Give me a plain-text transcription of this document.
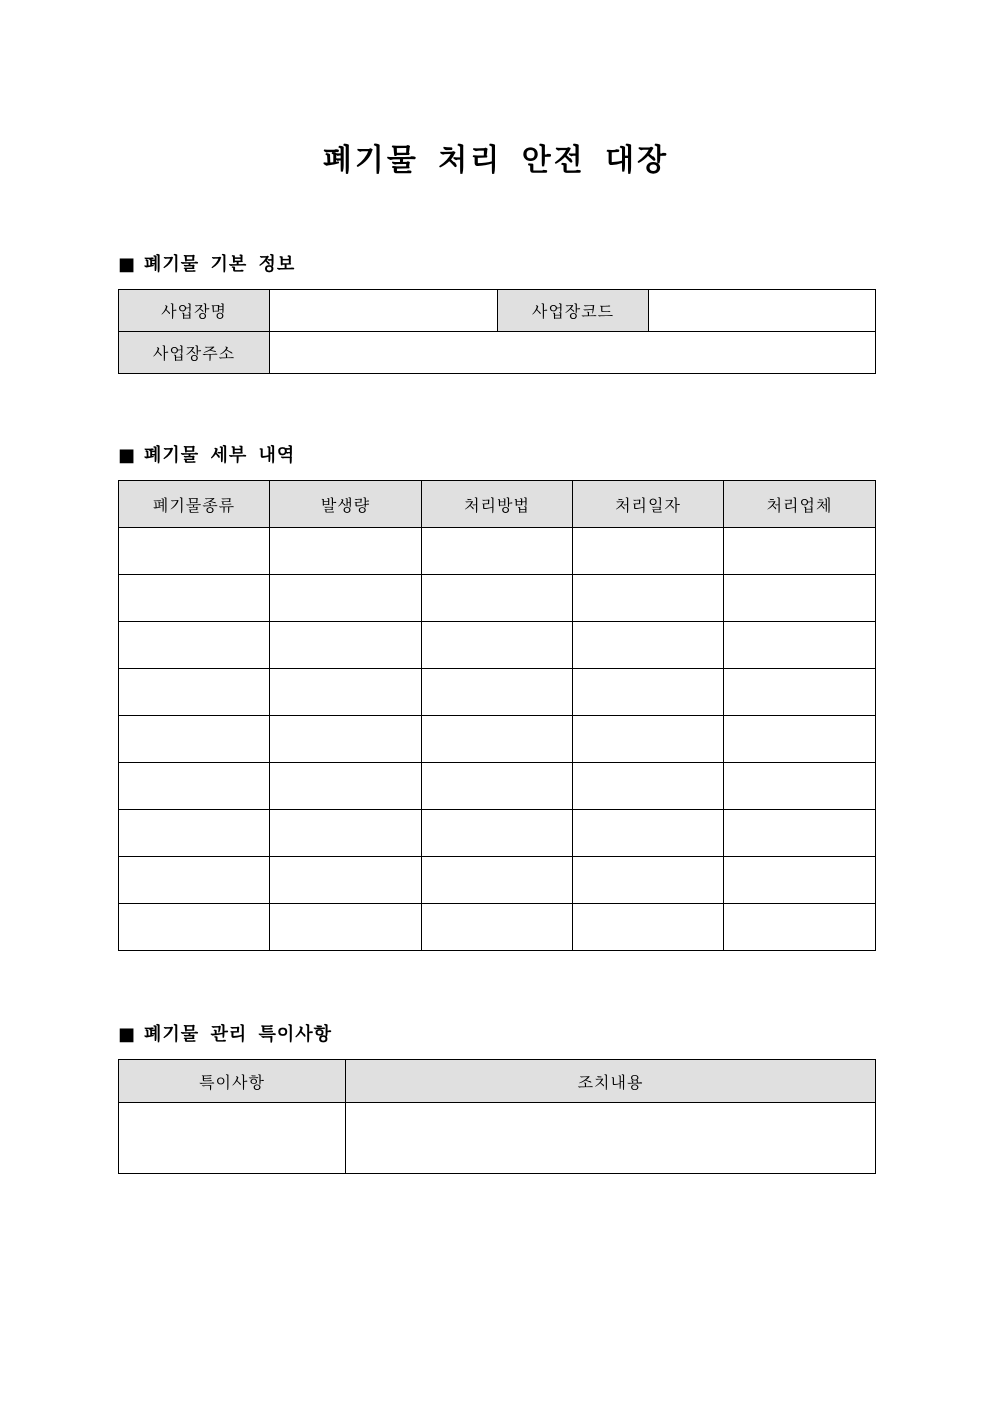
폐기물 처리 안전 대장
■ 폐기물 기본 정보
사업장명		사업장코드	
사업장주소			
■ 폐기물 세부 내역
폐기물종류	발생량	처리방법	처리일자	처리업체

■ 폐기물 관리 특이사항
특이사항	조치내용
